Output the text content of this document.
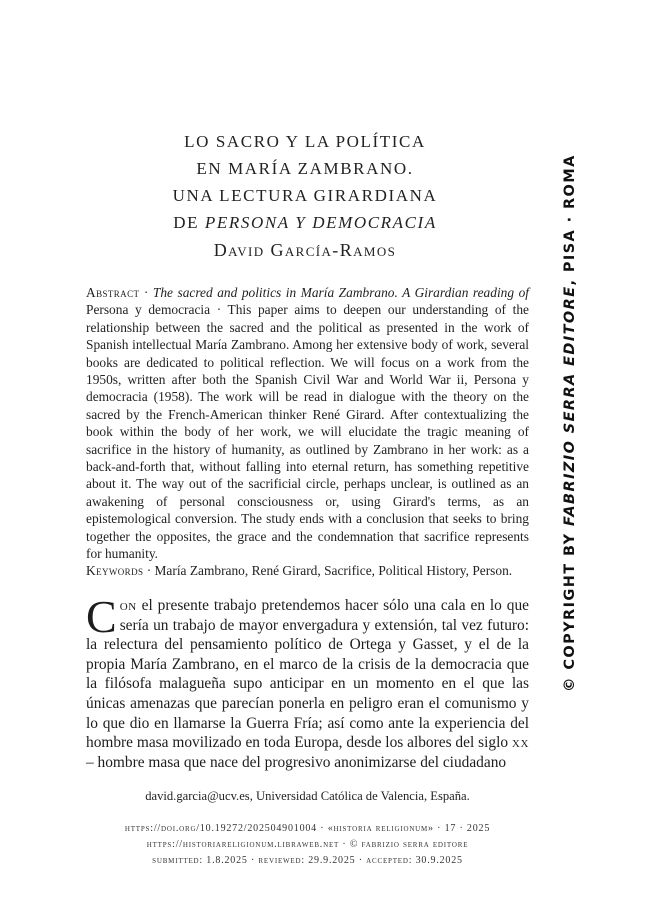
LO SACRO Y LA POLÍTICA
EN MARÍA ZAMBRANO.
UNA LECTURA GIRARDIANA
DE PERSONA Y DEMOCRACIA
David García-Ramos
Abstract · The sacred and politics in María Zambrano. A Girardian reading of Persona y democracia · This paper aims to deepen our understanding of the relationship between the sacred and the political as presented in the work of Spanish intellectual María Zambrano. Among her extensive body of work, several books are dedicated to political reflection. We will focus on a work from the 1950s, written after both the Spanish Civil War and World War ii, Persona y democracia (1958). The work will be read in dialogue with the theory on the sacred by the French-American thinker René Girard. After contextualizing the book within the body of her work, we will elucidate the tragic meaning of sacrifice in the history of humanity, as outlined by Zambrano in her work: as a back-and-forth that, without falling into eternal return, has something repetitive about it. The way out of the sacrificial circle, perhaps unclear, is outlined as an awakening of personal consciousness or, using Girard's terms, as an epistemological conversion. The study ends with a conclusion that seeks to bring together the opposites, the grace and the condemnation that sacrifice represents for humanity.
Keywords · María Zambrano, René Girard, Sacrifice, Political History, Person.
Con el presente trabajo pretendemos hacer sólo una cala en lo que sería un trabajo de mayor envergadura y extensión, tal vez futuro: la relectura del pensamiento político de Ortega y Gasset, y el de la propia María Zambrano, en el marco de la crisis de la democracia que la filósofa malagueña supo anticipar en un momento en el que las únicas amenazas que parecían ponerla en peligro eran el comunismo y lo que dio en llamarse la Guerra Fría; así como ante la experiencia del hombre masa movilizado en toda Europa, desde los albores del siglo xx – hombre masa que nace del progresivo anonimizarse del ciudadano
david.garcia@ucv.es, Universidad Católica de Valencia, España.
https://doi.org/10.19272/202504901004 · «historia religionum» · 17 · 2025
https://historiareligionum.libraweb.net · © fabrizio serra editore
submitted: 1.8.2025 · reviewed: 29.9.2025 · accepted: 30.9.2025
© COPYRIGHT BY FABRIZIO SERRA EDITORE, PISA · ROMA
